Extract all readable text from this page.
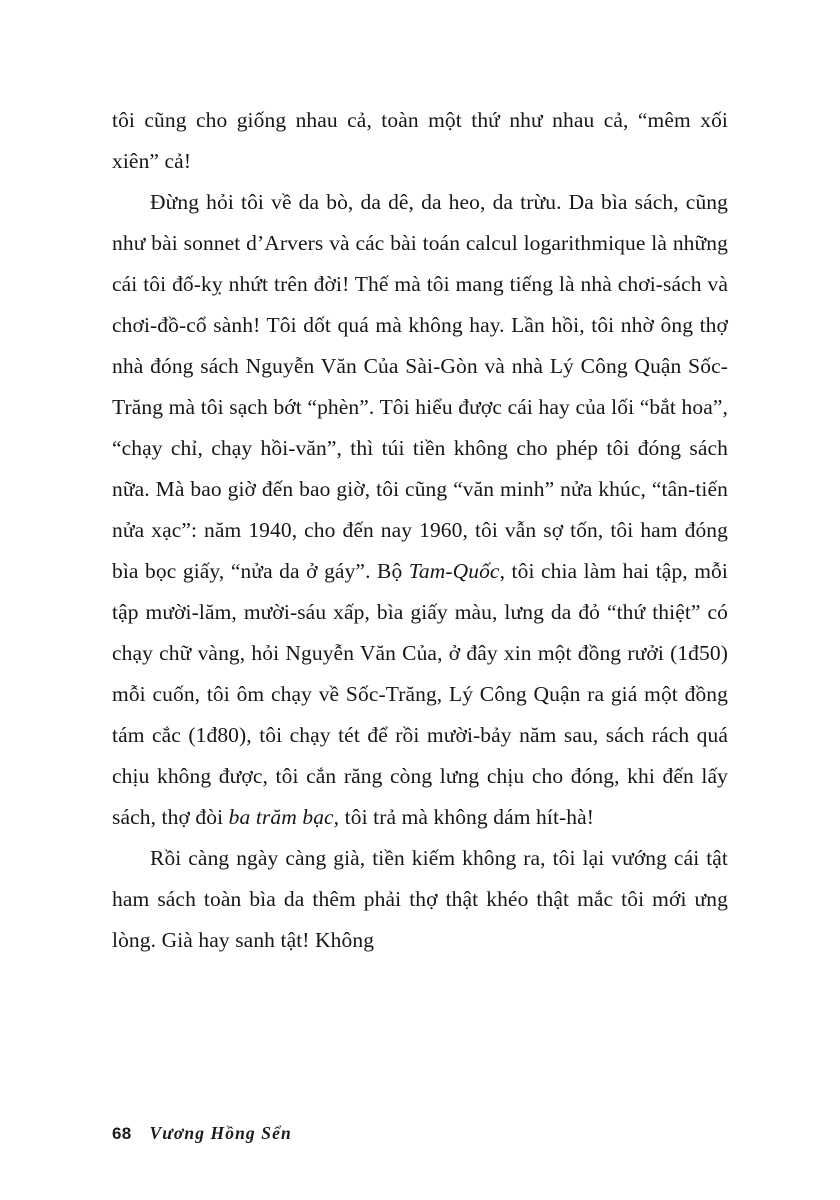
tôi cũng cho giống nhau cả, toàn một thứ như nhau cả, “mêm xối xiên” cả!

Đừng hỏi tôi về da bò, da dê, da heo, da trừu. Da bìa sách, cũng như bài sonnet d’Arvers và các bài toán calcul logarithmique là những cái tôi đố-kỵ nhứt trên đời! Thế mà tôi mang tiếng là nhà chơi-sách và chơi-đồ-cổ sành! Tôi dốt quá mà không hay. Lần hồi, tôi nhờ ông thợ nhà đóng sách Nguyễn Văn Của Sài-Gòn và nhà Lý Công Quận Sốc-Trăng mà tôi sạch bớt “phèn”. Tôi hiểu được cái hay của lối “bắt hoa”, “chạy chỉ, chạy hồi-văn”, thì túi tiền không cho phép tôi đóng sách nữa. Mà bao giờ đến bao giờ, tôi cũng “văn minh” nửa khúc, “tân-tiến nửa xạc”: năm 1940, cho đến nay 1960, tôi vẫn sợ tốn, tôi ham đóng bìa bọc giấy, “nửa da ở gáy”. Bộ Tam-Quốc, tôi chia làm hai tập, mỗi tập mười-lăm, mười-sáu xấp, bìa giấy màu, lưng da đỏ “thứ thiệt” có chạy chữ vàng, hỏi Nguyễn Văn Của, ở đây xin một đồng rưởi (1đ50) mỗi cuốn, tôi ôm chạy về Sốc-Trăng, Lý Công Quận ra giá một đồng tám cắc (1đ80), tôi chạy tét để rồi mười-bảy năm sau, sách rách quá chịu không được, tôi cắn răng còng lưng chịu cho đóng, khi đến lấy sách, thợ đòi ba trăm bạc, tôi trả mà không dám hít-hà!

Rồi càng ngày càng già, tiền kiếm không ra, tôi lại vướng cái tật ham sách toàn bìa da thêm phải thợ thật khéo thật mắc tôi mới ưng lòng. Già hay sanh tật! Không

68 Vương Hồng Sển
